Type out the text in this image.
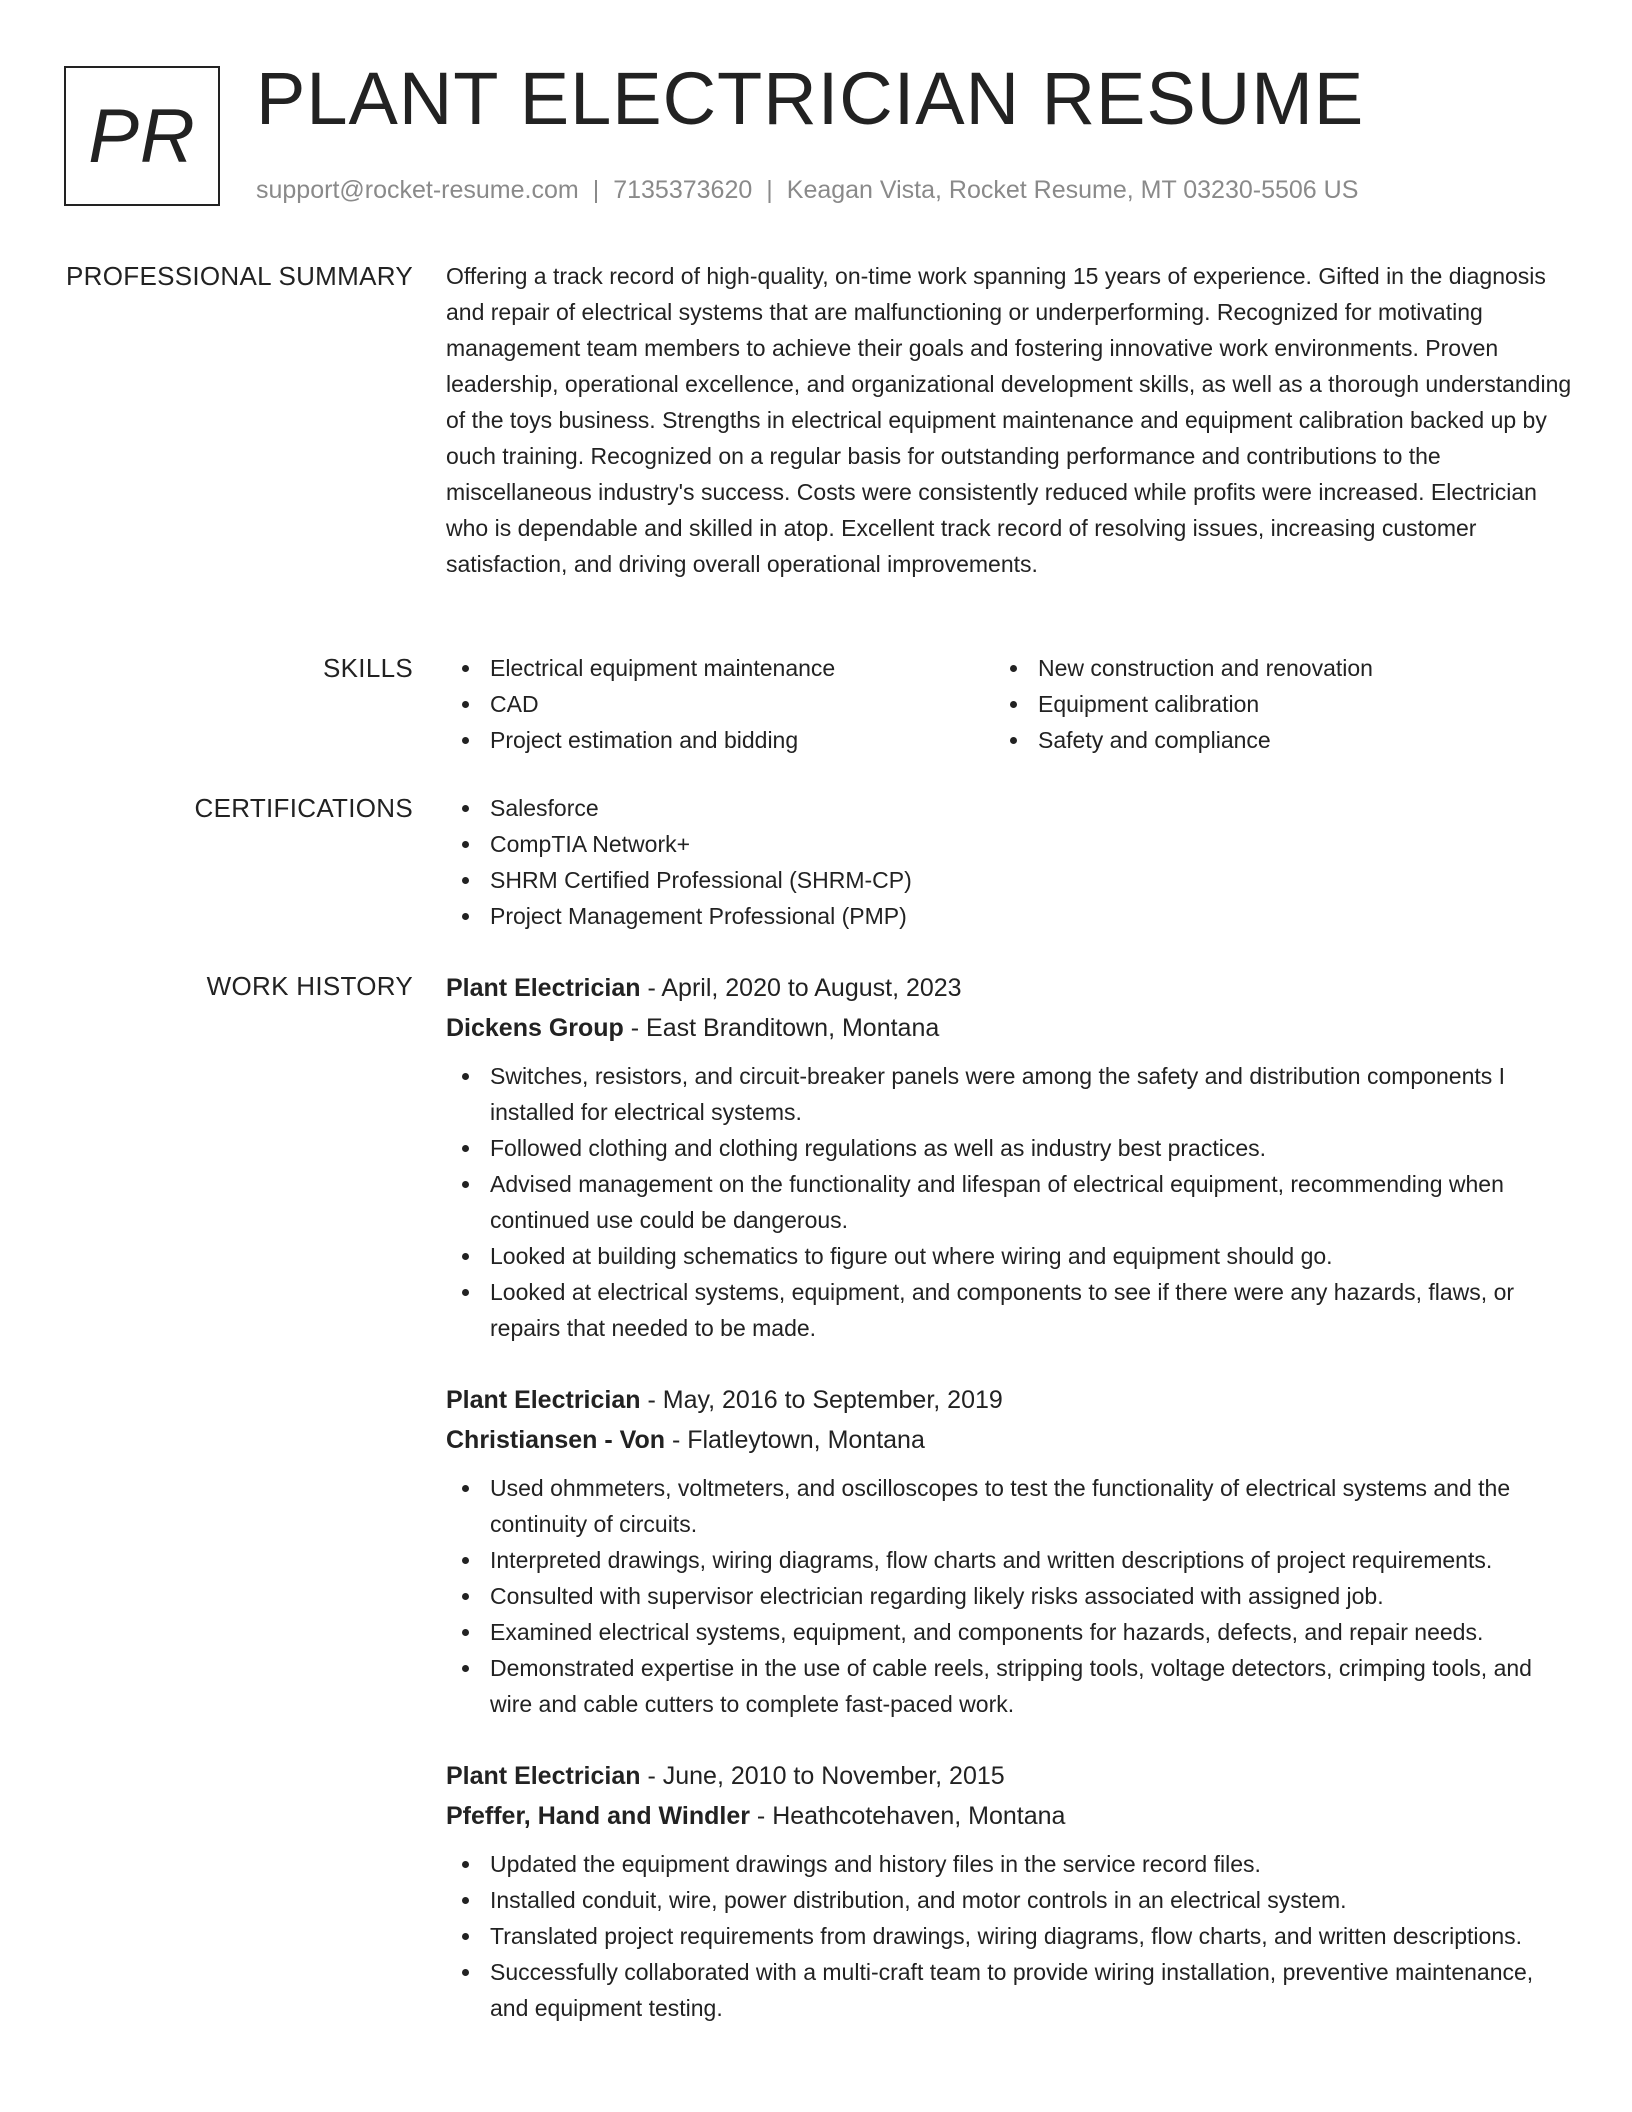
PR PLANT ELECTRICIAN RESUME
support@rocket-resume.com | 7135373620 | Keagan Vista, Rocket Resume, MT 03230-5506 US
PROFESSIONAL SUMMARY Offering a track record of high-quality, on-time work spanning 15 years of experience. Gifted in the diagnosis and repair of electrical systems that are malfunctioning or underperforming. Recognized for motivating management team members to achieve their goals and fostering innovative work environments. Proven leadership, operational excellence, and organizational development skills, as well as a thorough understanding of the toys business. Strengths in electrical equipment maintenance and equipment calibration backed up by ouch training. Recognized on a regular basis for outstanding performance and contributions to the miscellaneous industry's success. Costs were consistently reduced while profits were increased. Electrician who is dependable and skilled in atop. Excellent track record of resolving issues, increasing customer satisfaction, and driving overall operational improvements.

SKILLS	Electrical equipment maintenance
CAD
Project estimation and bidding
New construction and renovation
Equipment calibration
Safety and compliance
CERTIFICATIONS	Salesforce
CompTIA Network+
SHRM Certified Professional (SHRM-CP)
Project Management Professional (PMP)
WORK HISTORY Plant Electrician - April, 2020 to August, 2023
Dickens Group - East Branditown, Montana
Switches, resistors, and circuit-breaker panels were among the safety and distribution components I installed for electrical systems.
Followed clothing and clothing regulations as well as industry best practices.
Advised management on the functionality and lifespan of electrical equipment, recommending when continued use could be dangerous.
Looked at building schematics to figure out where wiring and equipment should go.
Looked at electrical systems, equipment, and components to see if there were any hazards, flaws, or repairs that needed to be made.
Plant Electrician - May, 2016 to September, 2019
Christiansen - Von - Flatleytown, Montana
Used ohmmeters, voltmeters, and oscilloscopes to test the functionality of electrical systems and the continuity of circuits.
Interpreted drawings, wiring diagrams, flow charts and written descriptions of project requirements.
Consulted with supervisor electrician regarding likely risks associated with assigned job.
Examined electrical systems, equipment, and components for hazards, defects, and repair needs.
Demonstrated expertise in the use of cable reels, stripping tools, voltage detectors, crimping tools, and wire and cable cutters to complete fast-paced work.
Plant Electrician - June, 2010 to November, 2015
Pfeffer, Hand and Windler - Heathcotehaven, Montana
Updated the equipment drawings and history files in the service record files.
Installed conduit, wire, power distribution, and motor controls in an electrical system.
Translated project requirements from drawings, wiring diagrams, flow charts, and written descriptions.
Successfully collaborated with a multi-craft team to provide wiring installation, preventive maintenance, and equipment testing.
